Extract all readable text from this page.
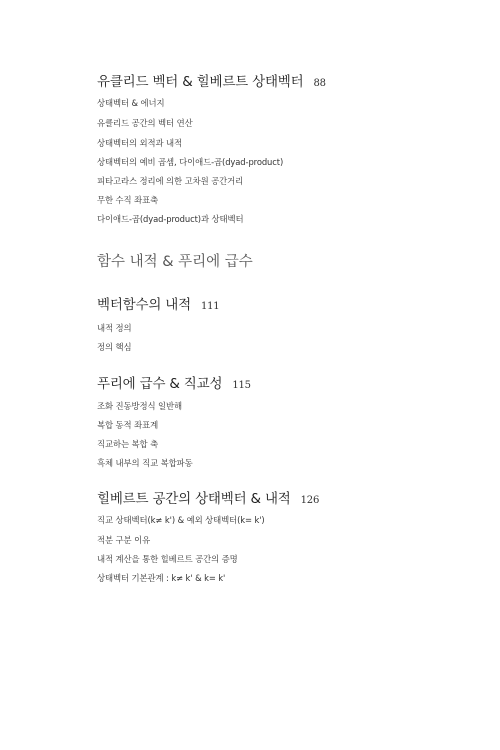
유클리드 벡터 & 힐베르트 상태벡터 88
상태벡터 & 에너지
유클리드 공간의 벡터 연산
상태벡터의 외적과 내적
상태벡터의 예비 곱셈, 다이애드-곱(dyad-product)
피타고라스 정리에 의한 고차원 공간거리
무한 수직 좌표축
다이애드-곱(dyad-product)과 상태벡터
함수 내적 & 푸리에 급수
벡터함수의 내적 111
내적 정의
정의 핵심
푸리에 급수 & 직교성 115
조화 진동방정식 일반해
복합 동적 좌표계
직교하는 복합 축
흑체 내부의 직교 복합파동
힐베르트 공간의 상태벡터 & 내적 126
직교 상태벡터(k≠ k') & 예외 상태벡터(k= k')
적분 구분 이유
내적 계산을 통한 힐베르트 공간의 증명
상태벡터 기본관계 : k≠ k' & k= k'
